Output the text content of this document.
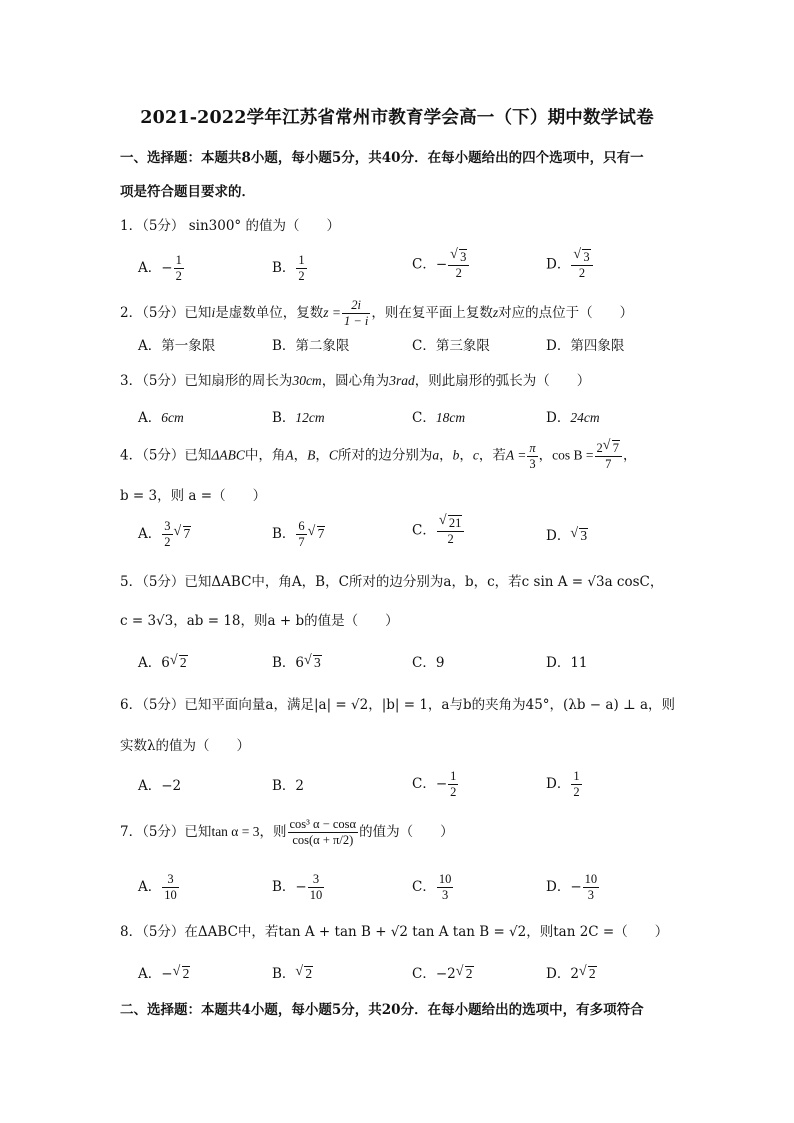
2021-2022学年江苏省常州市教育学会高一（下）期中数学试卷
一、选择题：本题共8小题，每小题5分，共40分．在每小题给出的四个选项中，只有一
项是符合题目要求的．
1．（5分） sin300° 的值为（　　）
A．− $\frac{1}{2}$	B． $\frac{1}{2}$	C．− $\frac{√ 3}{2}$	D． $\frac{√ 3}{2}$
2．（5分）已知i是虚数单位，复数$z = \frac{2i}{1 - i}$ ，则在复平面上复数z对应的点位于（　　）
A．第一象限	B．第二象限	C．第三象限	D．第四象限
3．（5分）已知扇形的周长为30cm，圆心角为3rad，则此扇形的弧长为（　　）
A．6cm	B．12cm	C．18cm	D．24cm
4．（5分）已知ΔABC中，角A，B，C所对的边分别为a，b，c，若$A = \frac{\pi}{3}$ ，$\cos B = \frac{2 √ 7}{7}$ ，
b = 3，则 a =（　　）
A． $\frac{3}{2}$ √ 7	B． $\frac{6}{7}$ √ 7	C． $\frac{√ 21}{2}$	D． √ 3
5．（5分）已知ΔABC中，角A，B，C所对的边分别为a，b，c，若c sin A = √3a cosC，
c = 3√3，ab = 18，则a + b的值是（　　）
A．6 √ 2	B．6 √ 3	C．9	D．11
6．（5分）已知平面向量a，满足|a| = √2，|b| = 1，a与b的夹角为45°，(λb − a) ⊥ a，则
实数λ的值为（　　）
A．−2	B．2	C．− $\frac{1}{2}$	D． $\frac{1}{2}$
7．（5分）已知tan α = 3，则 $\frac{\text{cos³ α − cosα}}{\cos(\alpha + \pi/2)}$ 的值为（　　）
A． $\frac{3}{10}$	B．− $\frac{3}{10}$	C． $\frac{10}{3}$	D．− $\frac{10}{3}$
8．（5分）在ΔABC中，若tan A + tan B + √2 tan A tan B = √2，则tan 2C =（　　）
A．− √ 2	B． √ 2	C．−2 √ 2	D．2 √ 2
二、选择题：本题共4小题，每小题5分，共20分．在每小题给出的选项中，有多项符合
